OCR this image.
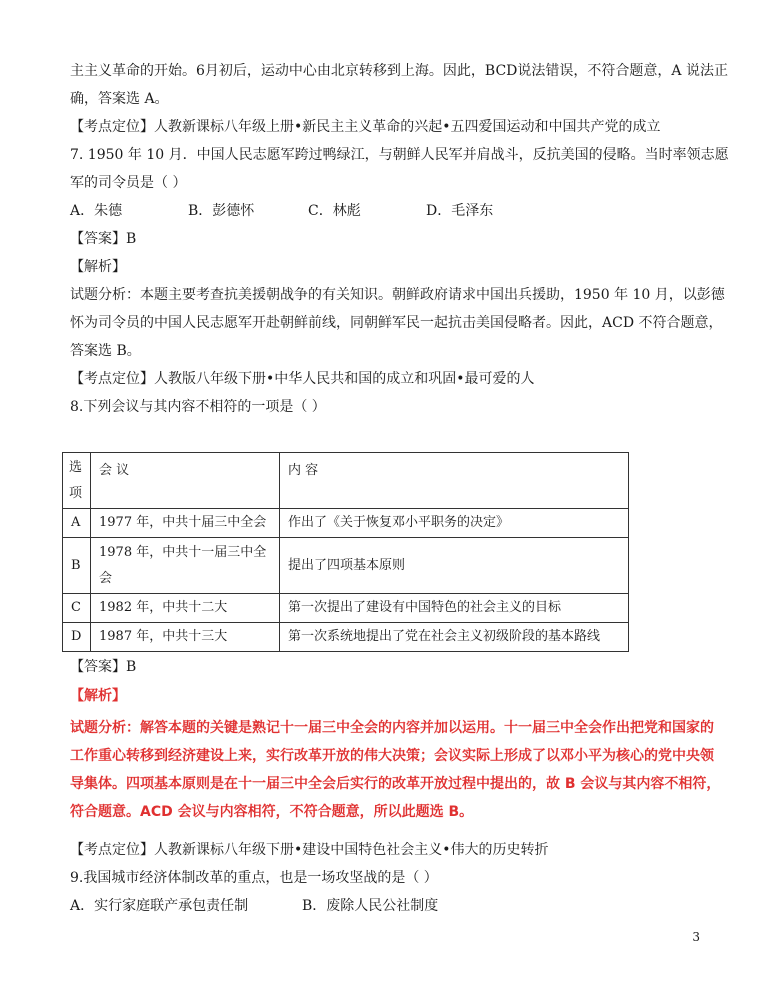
主主义革命的开始。6月初后，运动中心由北京转移到上海。因此，BCD说法错误，不符合题意，A 说法正
确，答案选 A。
【考点定位】人教新课标八年级上册•新民主主义革命的兴起•五四爱国运动和中国共产党的成立
7. 1950 年 10 月．中国人民志愿军跨过鸭绿江，与朝鲜人民军并肩战斗，反抗美国的侵略。当时率领志愿
军的司令员是（ ）
A．朱德	B．彭德怀	C．林彪	D．毛泽东
【答案】B
【解析】
试题分析：本题主要考查抗美援朝战争的有关知识。朝鲜政府请求中国出兵援助，1950 年 10 月，以彭德
怀为司令员的中国人民志愿军开赴朝鲜前线，同朝鲜军民一起抗击美国侵略者。因此，ACD 不符合题意，
答案选 B。
【考点定位】人教版八年级下册•中华人民共和国的成立和巩固•最可爱的人
8.下列会议与其内容不相符的一项是（ ）
选
项	会 议	内 容
A	1977 年，中共十届三中全会	作出了《关于恢复邓小平职务的决定》
B	1978 年，中共十一届三中全
会	提出了四项基本原则
C	1982 年，中共十二大	第一次提出了建设有中国特色的社会主义的目标
D	1987 年，中共十三大	第一次系统地提出了党在社会主义初级阶段的基本路线
【答案】B
【解析】
试题分析：解答本题的关键是熟记十一届三中全会的内容并加以运用。十一届三中全会作出把党和国家的
工作重心转移到经济建设上来，实行改革开放的伟大决策；会议实际上形成了以邓小平为核心的党中央领
导集体。四项基本原则是在十一届三中全会后实行的改革开放过程中提出的，故 B 会议与其内容不相符，
符合题意。ACD 会议与内容相符，不符合题意，所以此题选 B。
【考点定位】人教新课标八年级下册•建设中国特色社会主义•伟大的历史转折
9.我国城市经济体制改革的重点，也是一场攻坚战的是（ ）
A．实行家庭联产承包责任制	B．废除人民公社制度
3
